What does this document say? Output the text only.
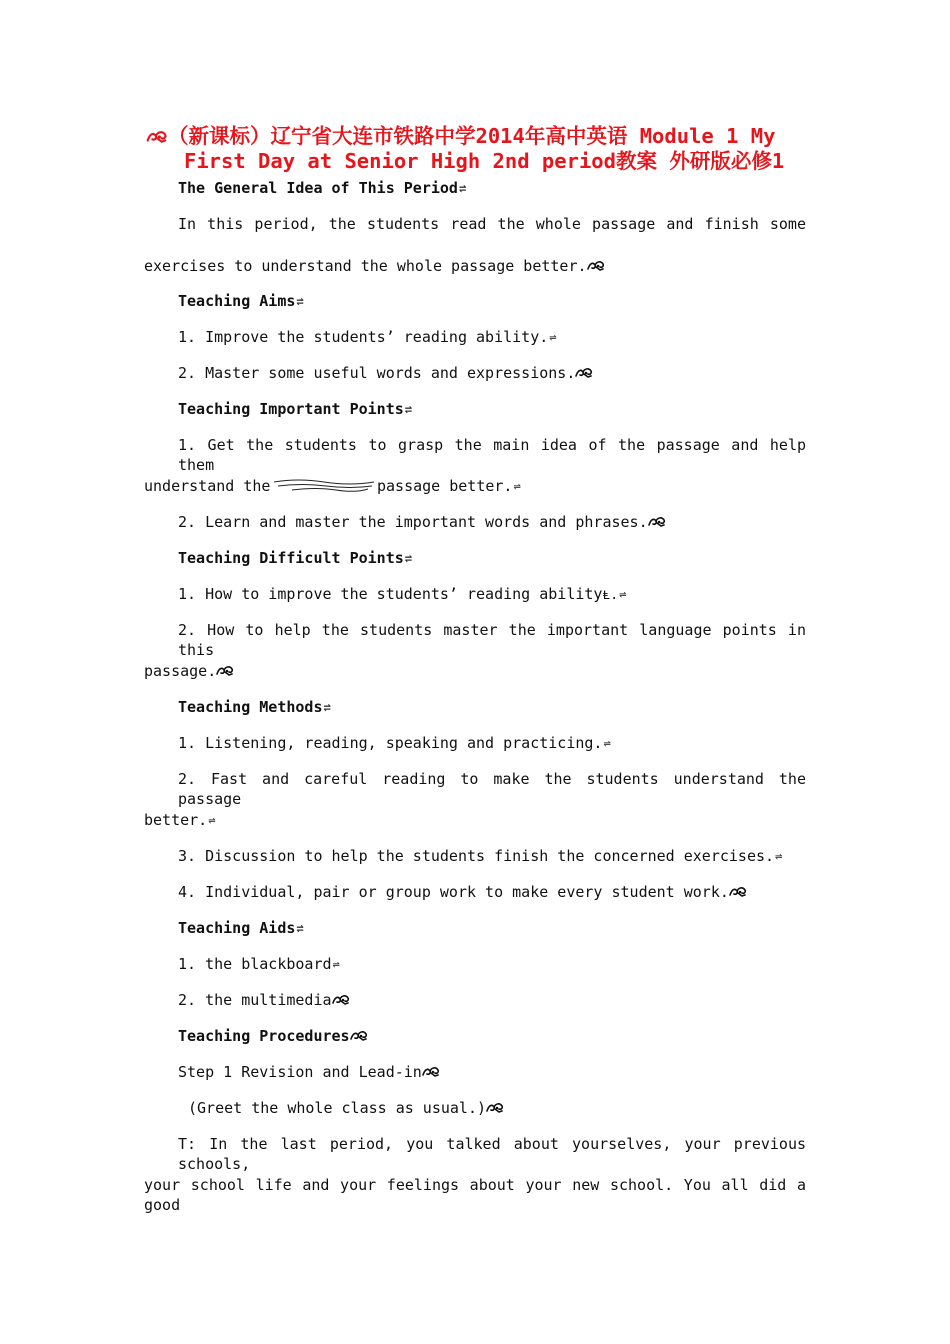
（新课标）辽宁省大连市铁路中学2014年高中英语 Module 1 My
First Day at Senior High 2nd period教案 外研版必修1
The General Idea of This Period⇌
In this period, the students read the whole passage and finish some
exercises to understand the whole passage better.
Teaching Aims⇌
1. Improve the students’ reading ability.⇌
2. Master some useful words and expressions.
Teaching Important Points⇌
1. Get the students to grasp the main idea of the passage and help them
understand the	passage better.⇌
2. Learn and master the important words and phrases.
Teaching Difficult Points⇌
1. How to improve the students’ reading abilityⱠ.⇌
2. How to help the students master the important language points in this
passage.
Teaching Methods⇌
1. Listening, reading, speaking and practicing.⇌
2. Fast and careful reading to make the students understand the passage
better.⇌
3. Discussion to help the students finish the concerned exercises.⇌
4. Individual, pair or group work to make every student work.
Teaching Aids⇌
1. the blackboard⇌
2. the multimedia
Teaching Procedures
Step 1 Revision and Lead-in
(Greet the whole class as usual.)
T: In the last period, you talked about yourselves, your previous schools,
your school life and your feelings about your new school. You all did a good
